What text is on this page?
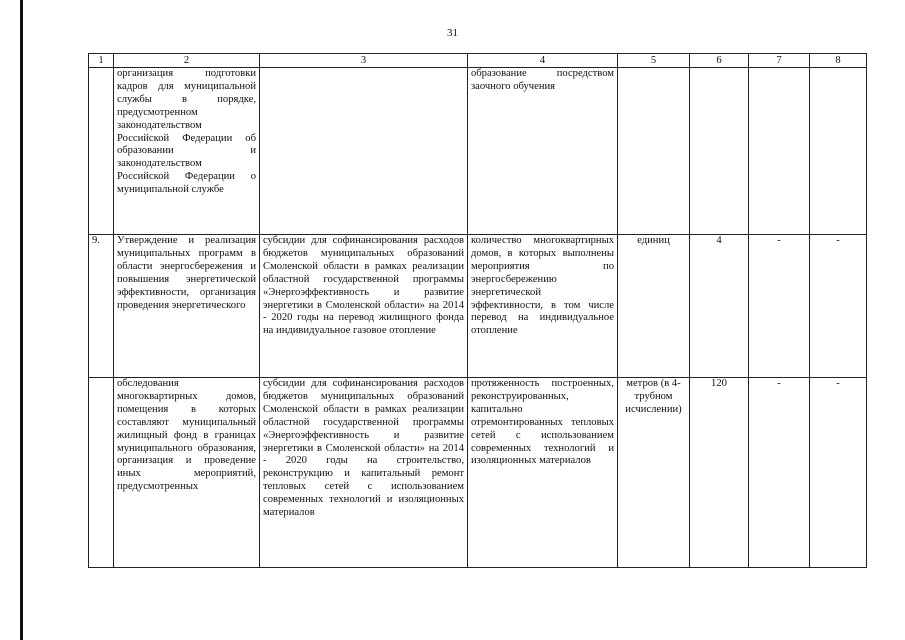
31
1	2	3	4	5	6	7	8
	организация подготовки кадров для муниципальной службы в порядке, предусмотренном законодательством Российской Федерации об образовании и законодательством Российской Федерации о муниципальной службе		образование посредством заочного обучения				
9.	Утверждение и реализация муниципальных программ в области энергосбережения и повышения энергетической эффективности, организация проведения энергетического	субсидии для софинансирования расходов бюджетов муниципальных образований Смоленской области в рамках реализации областной государственной программы «Энергоэффективность и развитие энергетики в Смоленской области» на 2014 - 2020 годы на перевод жилищного фонда на индивидуальное газовое отопление	количество многоквартирных домов, в которых выполнены мероприятия по энергосбережению энергетической эффективности, в том числе перевод на индивидуальное отопление	единиц	4	-	-
	обследования многоквартирных домов, помещения в которых составляют муниципальный жилищный фонд в границах муниципального образования, организация и проведение иных мероприятий, предусмотренных	субсидии для софинансирования расходов бюджетов муниципальных образований Смоленской области в рамках реализации областной государственной программы «Энергоэффективность и развитие энергетики в Смоленской области» на 2014 - 2020 годы на строительство, реконструкцию и капитальный ремонт тепловых сетей с использованием современных технологий и изоляционных материалов	протяженность построенных, реконструированных, капитально отремонтированных тепловых сетей с использованием современных технологий и изоляционных материалов	метров (в 4-трубном исчислении)	120	-	-
